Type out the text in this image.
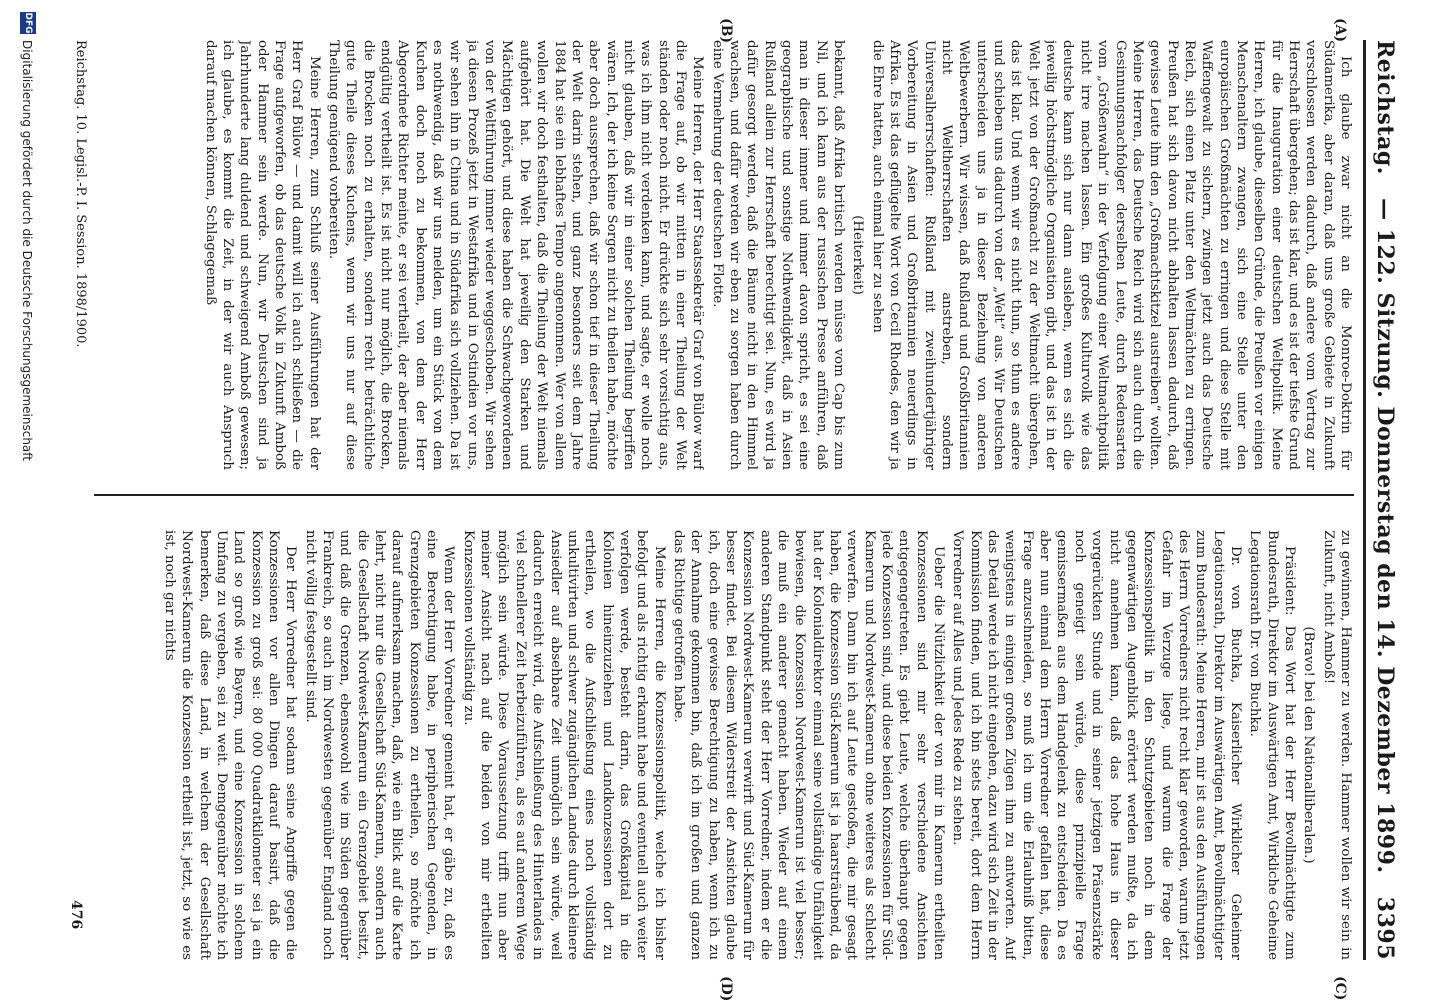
Reichstag.
— 122. Sitzung. Donnerstag den 14. Dezember 1899.
3395
(A)
(B)
(C)
(D)

Ich glaube zwar nicht an die Monroe-Doktrin für Südamerika, aber daran, daß uns große Gebiete in Zukunft verschlossen werden dadurch, daß andere vom Vertrag zur Herrschaft übergehen; das ist klar, und es ist der tiefste Grund für die Inauguration einer deutschen Weltpolitik. Meine Herren, ich glaube, dieselben Gründe, die Preußen vor einigen Menschenaltern zwangen, sich eine Stelle unter den europäischen Großmächten zu erringen und diese Stelle mit Waffengewalt zu sichern, zwingen jetzt auch das Deutsche Reich, sich einen Platz unter den Weltmächten zu erringen. Preußen hat sich davon nicht abhalten lassen dadurch, daß gewisse Leute ihm den „Großmachtskitzel austreiben“ wollten. Meine Herren, das Deutsche Reich wird sich auch durch die Gesinnungsnachfolger derselben Leute, durch Redensarten vom „Größenwahn“ in der Verfolgung einer Weltmachtpolitik nicht irre machen lassen. Ein großes Kulturvolk wie das deutsche kann sich nur dann ausleben, wenn es sich die jeweilig höchstmögliche Organisation gibt, und das ist in der Welt jetzt von der Großmacht zu der Weltmacht übergehen, das ist klar. Und wenn wir es nicht thun, so thun es andere und schieben uns dadurch von der „Welt“ aus. Wir Deutschen unterscheiden uns ja in dieser Beziehung von anderen Weltbewerbern. Wir wissen, daß Rußland und Großbritannien nicht Weltherrschaften anstreben, sondern Universalherrschaften: Rußland mit zweihundertjähriger Vorbereitung in Asien und Großbritannien neuerdings in Afrika. Es ist das geflügelte Wort von Cecil Rhodes, den wir ja die Ehre hatten, auch einmal hier zu sehen

(Heiterkeit)

bekannt, daß Afrika britisch werden müsse vom Cap bis zum Nil, und ich kann aus der russischen Presse anführen, daß man in dieser immer und immer davon spricht, es sei eine geographische und sonstige Nothwendigkeit, daß in Asien Rußland allein zur Herrschaft berechtigt sei. Nun, es wird ja dafür gesorgt werden, daß die Bäume nicht in den Himmel wachsen, und dafür werden wir eben zu sorgen haben durch eine Vermehrung der deutschen Flotte.

Meine Herren, der Herr Staatssekretär Graf von Bülow warf die Frage auf, ob wir mitten in einer Theilung der Welt ständen oder noch nicht. Er drückte sich sehr vorsichtig aus, was ich ihm nicht verdenken kann, und sagte, er wolle noch nicht glauben, daß wir in einer solchen Theilung begriffen wären. Ich, der ich keine Sorgen nicht zu theilen habe, möchte aber doch aussprechen, daß wir schon tief in dieser Theilung der Welt darin stehen, und ganz besonders seit dem Jahre 1884 hat sie ein lebhaftes Tempo angenommen. Wer von allem wollen wir doch festhalten, daß die Theilung der Welt niemals aufgehört hat. Die Welt hat jeweilig den Starken und Mächtigen gehört, und diese haben die Schwachgewordenen von der Weltführung immer wieder weggeschoben. Wir sehen ja diesen Prozeß jetzt in Westafrika und in Ostindien vor uns, wir sehen ihn in China und in Südafrika sich vollziehen. Da ist es nothwendig, daß wir uns melden, um ein Stück von dem Kuchen doch noch zu bekommen, von dem der Herr Abgeordnete Richter meinte, er sei vertheilt, der aber niemals endgültig vertheilt ist. Es ist nicht nur möglich, die Brocken, die Brocken noch zu erhalten, sondern recht beträchtliche gute Theile dieses Kuchens, wenn wir uns nur auf diese Theilung genügend vorbereiten.

Meine Herren, zum Schluß seiner Ausführungen hat der Herr Graf Bülow — und damit will ich auch schließen — die Frage aufgeworfen, ob das deutsche Volk in Zukunft Amboß oder Hammer sein werde. Nun, wir Deutschen sind ja Jahrhunderte lang duldend und schweigend Amboß gewesen; ich glaube, es kommt die Zeit, in der wir auch Anspruch darauf machen können, Schlagegemaß

zu gewinnen, Hammer zu werden. Hammer wollen wir sein in Zukunft, nicht Amboß!

(Bravo! bei den Nationalliberalen.)

Präsident: Das Wort hat der Herr Bevollmächtigte zum Bundesrath, Direktor im Auswärtigen Amt, Wirkliche Geheime Legationsrath Dr. von Buchka.

Dr. von Buchka, Kaiserlicher Wirklicher Geheimer Legationsrath, Direktor im Auswärtigen Amt, Bevollmächtigter zum Bundesrath: Meine Herren, mir ist aus den Ausführungen des Herrn Vorredners nicht recht klar geworden, warum jetzt Gefahr im Verzuge liege, und warum die Frage der Konzessionspolitik in den Schutzgebieten noch in dem gegenwärtigen Augenblick erörtert werden mußte, da ich nicht annehmen kann, daß das hohe Haus in dieser vorgerückten Stunde und in seiner jetzigen Präsenzstärke noch geneigt sein würde, diese prinzipielle Frage gemissermaßen aus dem Handgelenk zu entscheiden. Da es aber nun einmal dem Herrn Vorredner gefallen hat, diese Frage anzuschneiden, so muß ich um die Erlaubniß bitten, wenigstens in einigen großen Zügen ihm zu antworten. Auf das Detail werde ich nicht eingehen, dazu wird sich Zeit in der Kommission finden, und ich bin stets bereit, dort dem Herrn Vorredner auf Alles und Jedes Rede zu stehen.

Ueber die Nützlichkeit der von mir in Kamerun ertheilten Konzessionen sind mir sehr verschiedene Ansichten entgegengetreten. Es giebt Leute, welche überhaupt gegen jede Konzession sind, und diese beiden Konzessionen für Süd-Kamerun und Nordwest-Kamerun ohne weiteres als schlecht verwerfen. Dann bin ich auf Leute gestoßen, die mir gesagt haben, die Konzession Süd-Kamerun ist ja haarsträubend, da hat der Kolonialdirektor einmal seine vollständige Unfähigkeit bewiesen, die Konzession Nordwest-Kamerun ist viel besser; die muß ein anderer gemacht haben. Wieder auf einem anderen Standpunkt steht der Herr Vorredner, indem er die Konzession Nordwest-Kamerun verwirft und Süd-Kamerun für besser findet. Bei diesem Widerstreit der Ansichten glaube ich, doch eine gewisse Berechtigung zu haben, wenn ich zu der Annahme gekommen bin, daß ich im großen und ganzen das Richtige getroffen habe.

Meine Herren, die Konzessionspolitik, welche ich bisher befolgt und als richtig erkannt habe und eventuell auch weiter verfolgen werde, besteht darin, das Großkapital in die Kolonien hineinzuziehen und Landkonzessionen dort zu ertheilen, wo die Aufschließung eines noch vollständig unkultivirten und schwer zugänglichen Landes durch kleinere Ansiedler auf absehbare Zeit unmöglich sein würde, weil dadurch erreicht wird, die Aufschließung des Hinterlandes in viel schnellerer Zeit herbeizuführen, als es auf anderem Wege möglich sein würde. Diese Voraussetzung trifft nun aber meiner Ansicht nach auf die beiden von mir ertheilten Konzessionen vollständig zu.

Wenn der Herr Vorredner gemeint hat, er gäbe zu, daß es eine Berechtigung habe, in peripherischen Gegenden, in Grenzgebieten Konzessionen zu ertheilen, so möchte ich darauf aufmerksam machen, daß, wie ein Blick auf die Karte lehrt, nicht nur die Gesellschaft Süd-Kamerun, sondern auch die Gesellschaft Nordwest-Kamerun ein Grenzgebiet besitzt, und daß die Grenzen, ebensowohl wie im Süden gegenüber Frankreich, so auch im Nordwesten gegenüber England noch nicht völlig festgestellt sind.

Der Herr Vorredner hat sodann seine Angriffe gegen die Konzessionen vor allen Dingen darauf basirt, daß die Konzession zu groß sei: 80 000 Quadratkilometer sei ja ein Land so groß wie Bayern, und eine Konzession in solchem Umfang zu vergeben, sei zu weit. Demgegenüber möchte ich bemerken, daß diese Land, in welchem der Gesellschaft Nordwest-Kamerun die Konzession ertheilt ist, jetzt, so wie es ist, noch gar nichts

Reichstag. 10. Legisl.-P. I. Session. 1898/1900.
476
DFG
Digitalisierung gefördert durch die Deutsche Forschungsgemeinschaft
